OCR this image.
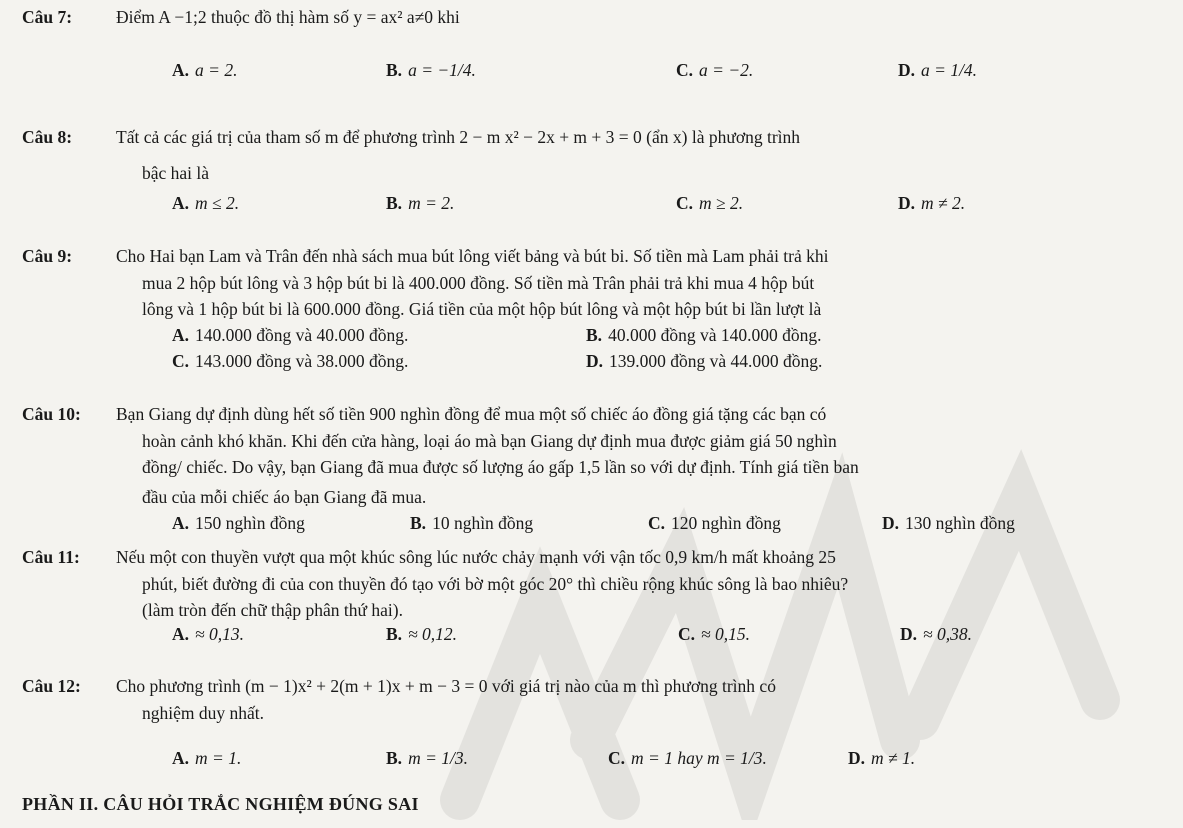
Câu 7:	Điểm A −1;2 thuộc đồ thị hàm số y = ax² a≠0 khi
A. a = 2.	B. a = −1/4.	C. a = −2.	D. a = 1/4.
Câu 8:	Tất cả các giá trị của tham số m để phương trình 2 − m x² − 2x + m + 3 = 0 (ẩn x) là phương trình
bậc hai là
A. m ≤ 2.	B. m = 2.	C. m ≥ 2.	D. m ≠ 2.
Câu 9:	Cho Hai bạn Lam và Trân đến nhà sách mua bút lông viết bảng và bút bi. Số tiền mà Lam phải trả khi
mua 2 hộp bút lông và 3 hộp bút bi là 400.000 đồng. Số tiền mà Trân phải trả khi mua 4 hộp bút
lông và 1 hộp bút bi là 600.000 đồng. Giá tiền của một hộp bút lông và một hộp bút bi lần lượt là
A. 140.000 đồng và 40.000 đồng.	B. 40.000 đồng và 140.000 đồng.
C. 143.000 đồng và 38.000 đồng.	D. 139.000 đồng và 44.000 đồng.
Câu 10:	Bạn Giang dự định dùng hết số tiền 900 nghìn đồng để mua một số chiếc áo đồng giá tặng các bạn có
hoàn cảnh khó khăn. Khi đến cửa hàng, loại áo mà bạn Giang dự định mua được giảm giá 50 nghìn
đồng/ chiếc. Do vậy, bạn Giang đã mua được số lượng áo gấp 1,5 lần so với dự định. Tính giá tiền ban
đầu của mỗi chiếc áo bạn Giang đã mua.
A. 150 nghìn đồng	B. 10 nghìn đồng	C. 120 nghìn đồng	D. 130 nghìn đồng
Câu 11:	Nếu một con thuyền vượt qua một khúc sông lúc nước chảy mạnh với vận tốc 0,9 km/h mất khoảng 25
phút, biết đường đi của con thuyền đó tạo với bờ một góc 20° thì chiều rộng khúc sông là bao nhiêu?
(làm tròn đến chữ thập phân thứ hai).
A. ≈ 0,13.	B. ≈ 0,12.	C. ≈ 0,15.	D. ≈ 0,38.
Câu 12:	Cho phương trình (m − 1)x² + 2(m + 1)x + m − 3 = 0 với giá trị nào của m thì phương trình có
nghiệm duy nhất.
A. m = 1.	B. m = 1/3.	C. m = 1 hay m = 1/3.	D. m ≠ 1.
PHẦN II. CÂU HỎI TRẮC NGHIỆM ĐÚNG SAI
